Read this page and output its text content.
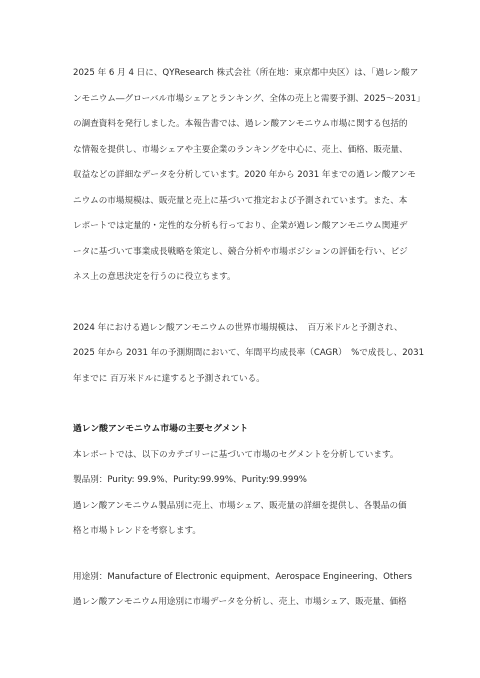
2025 年 6 月 4 日に、QYResearch 株式会社（所在地：東京都中央区）は、「過レン酸ア

ンモニウム―グローバル市場シェアとランキング、全体の売上と需要予測、2025～2031」

の調査資料を発行しました。本報告書では、過レン酸アンモニウム市場に関する包括的

な情報を提供し、市場シェアや主要企業のランキングを中心に、売上、価格、販売量、

収益などの詳細なデータを分析しています。2020 年から 2031 年までの過レン酸アンモ

ニウムの市場規模は、販売量と売上に基づいて推定および予測されています。また、本

レポートでは定量的・定性的な分析も行っており、企業が過レン酸アンモニウム関連デ

ータに基づいて事業成長戦略を策定し、競合分析や市場ポジションの評価を行い、ビジ

ネス上の意思決定を行うのに役立ちます。

2024 年における過レン酸アンモニウムの世界市場規模は、　百万米ドルと予測され、

2025 年から 2031 年の予測期間において、年間平均成長率（CAGR）　%で成長し、2031

年までに 百万米ドルに達すると予測されている。

過レン酸アンモニウム市場の主要セグメント

本レポートでは、以下のカテゴリーに基づいて市場のセグメントを分析しています。

製品別：Purity: 99.9%、Purity:99.99%、Purity:99.999%

過レン酸アンモニウム製品別に売上、市場シェア、販売量の詳細を提供し、各製品の価

格と市場トレンドを考察します。

用途別：Manufacture of Electronic equipment、Aerospace Engineering、Others

過レン酸アンモニウム用途別に市場データを分析し、売上、市場シェア、販売量、価格
